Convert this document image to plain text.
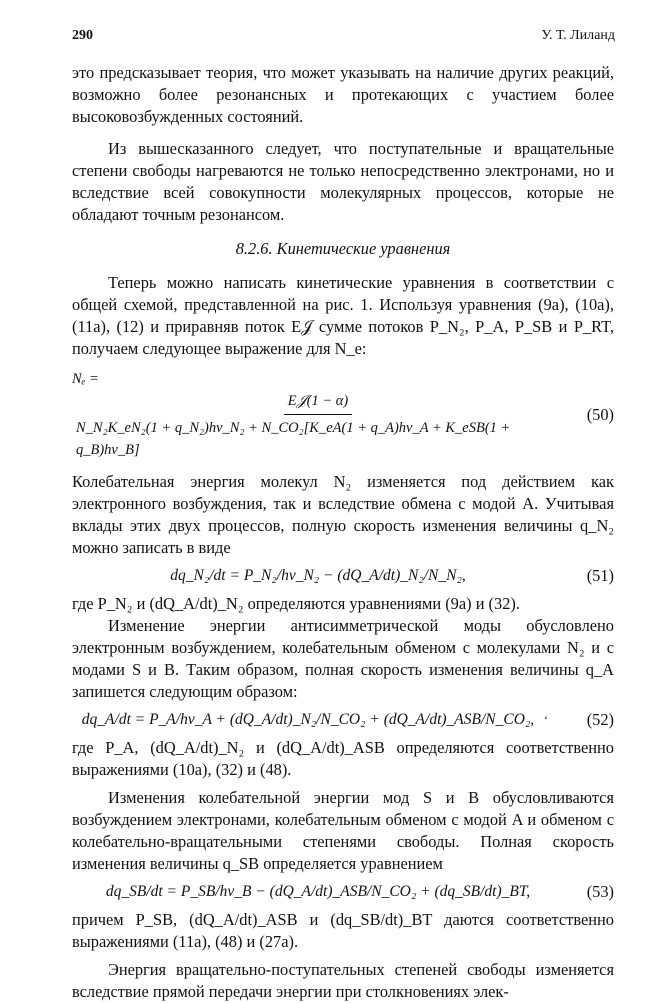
290	У. Т. Лиланд

это предсказывает теория, что может указывать на наличие других реакций, возможно более резонансных и протекающих с участием более высоковозбужденных состояний.

Из вышесказанного следует, что поступательные и вращательные степени свободы нагреваются не только непосредственно электронами, но и вследствие всей совокупности молекулярных процессов, которые не обладают точным резонансом.

8.2.6. Кинетические уравнения

Теперь можно написать кинетические уравнения в соответствии с общей схемой, представленной на рис. 1. Используя уравнения (9a), (10a), (11a), (12) и приравняв поток E𝒥 сумме потоков P_N₂, P_A, P_SB и P_RT, получаем следующее выражение для N_e:

Nₑ =
E𝒥(1 − α)
N_N₂K_eN₂(1 + q_N₂)hν_N₂ + N_CO₂[K_eA(1 + q_A)hν_A + K_eSB(1 + q_B)hν_B]
(50)

Колебательная энергия молекул N₂ изменяется под действием как электронного возбуждения, так и вследствие обмена с модой A. Учитывая вклады этих двух процессов, полную скорость изменения величины q_N₂ можно записать в виде

dq_N₂/dt = P_N₂/hν_N₂ − (dQ_A/dt)_N₂/N_N₂,	(51)

где P_N₂ и (dQ_A/dt)_N₂ определяются уравнениями (9a) и (32).

Изменение энергии антисимметрической моды обусловлено электронным возбуждением, колебательным обменом с молекулами N₂ и с модами S и B. Таким образом, полная скорость изменения величины q_A запишется следующим образом:

dq_A/dt = P_A/hν_A + (dQ_A/dt)_N₂/N_CO₂ + (dQ_A/dt)_ASB/N_CO₂, ʻ	(52)

где P_A, (dQ_A/dt)_N₂ и (dQ_A/dt)_ASB определяются соответственно выражениями (10a), (32) и (48).

Изменения колебательной энергии мод S и B обусловливаются возбуждением электронами, колебательным обменом с модой A и обменом с колебательно-вращательными степенями свободы. Полная скорость изменения величины q_SB определяется уравнением

dq_SB/dt = P_SB/hν_B − (dQ_A/dt)_ASB/N_CO₂ + (dq_SB/dt)_BT,	(53)

причем P_SB, (dQ_A/dt)_ASB и (dq_SB/dt)_BT даются соответственно выражениями (11a), (48) и (27a).

Энергия вращательно-поступательных степеней свободы изменяется вследствие прямой передачи энергии при столкновениях элек-
